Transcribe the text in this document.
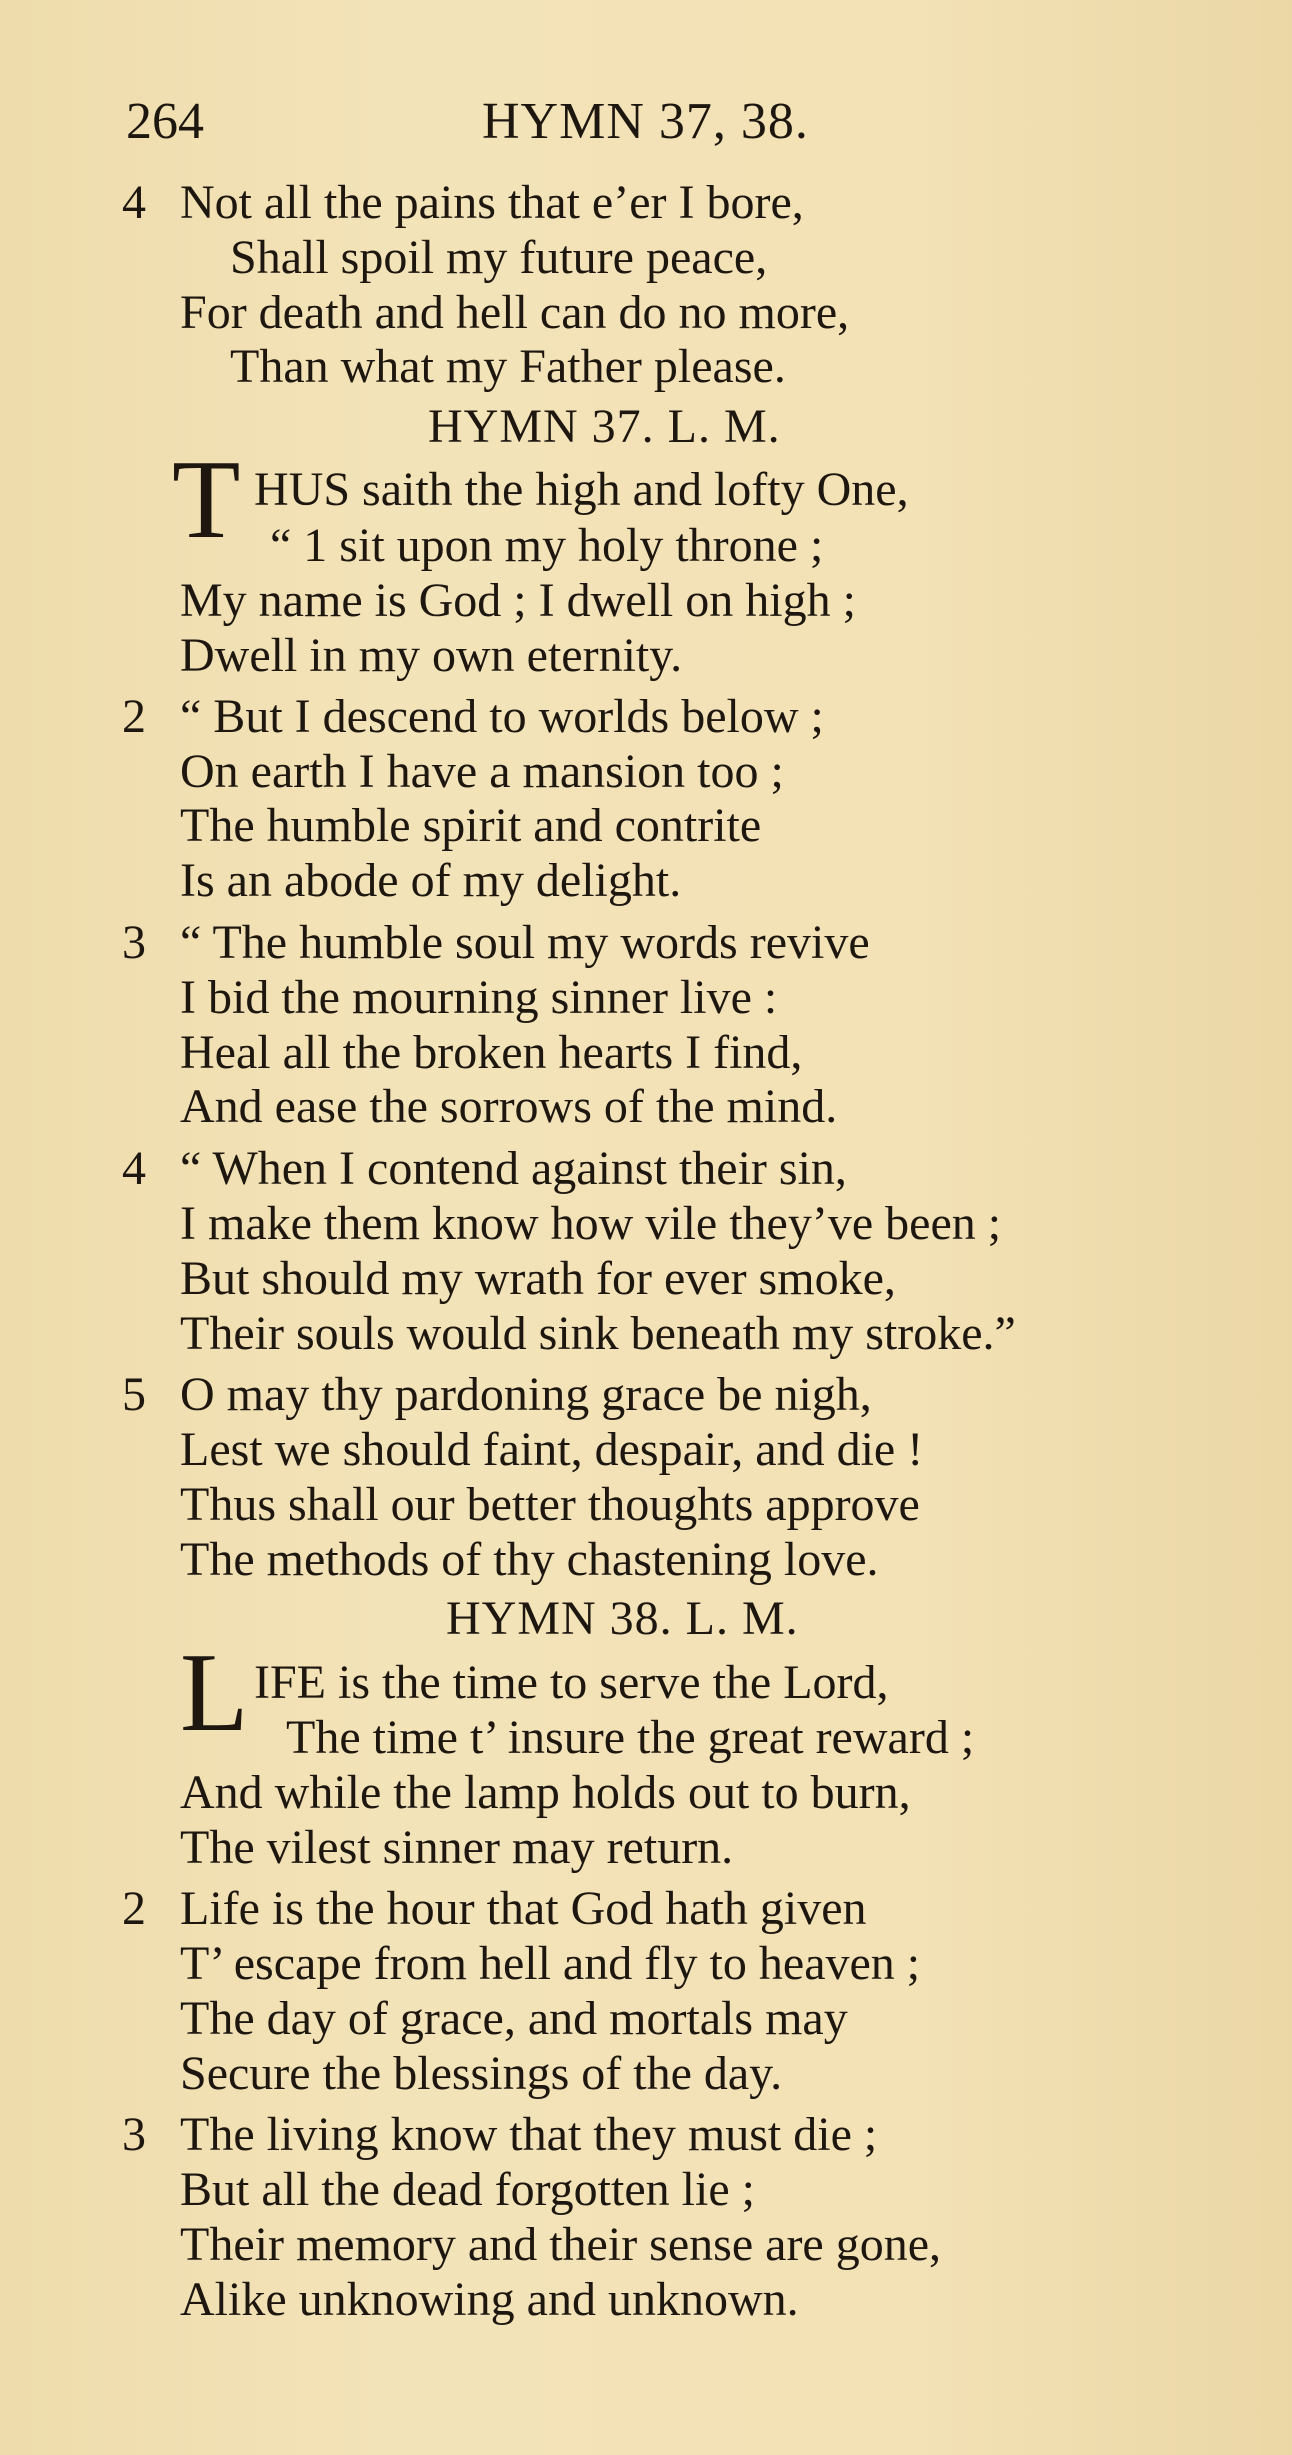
264	HYMN 37, 38.
4 Not all the pains that e’er I bore,
Shall spoil my future peace,
For death and hell can do no more,
Than what my Father please.
HYMN 37. L. M.
T HUS saith the high and lofty One,
“ 1 sit upon my holy throne ;
My name is God ; I dwell on high ;
Dwell in my own eternity.
2 “ But I descend to worlds below ;
On earth I have a mansion too ;
The humble spirit and contrite
Is an abode of my delight.
3 “ The humble soul my words revive
I bid the mourning sinner live :
Heal all the broken hearts I find,
And ease the sorrows of the mind.
4 “ When I contend against their sin,
I make them know how vile they’ve been ;
But should my wrath for ever smoke,
Their souls would sink beneath my stroke.”
5 O may thy pardoning grace be nigh,
Lest we should faint, despair, and die !
Thus shall our better thoughts approve
The methods of thy chastening love.
HYMN 38. L. M.
L IFE is the time to serve the Lord,
The time t’ insure the great reward ;
And while the lamp holds out to burn,
The vilest sinner may return.
2 Life is the hour that God hath given
T’ escape from hell and fly to heaven ;
The day of grace, and mortals may
Secure the blessings of the day.
3 The living know that they must die ;
But all the dead forgotten lie ;
Their memory and their sense are gone,
Alike unknowing and unknown.
